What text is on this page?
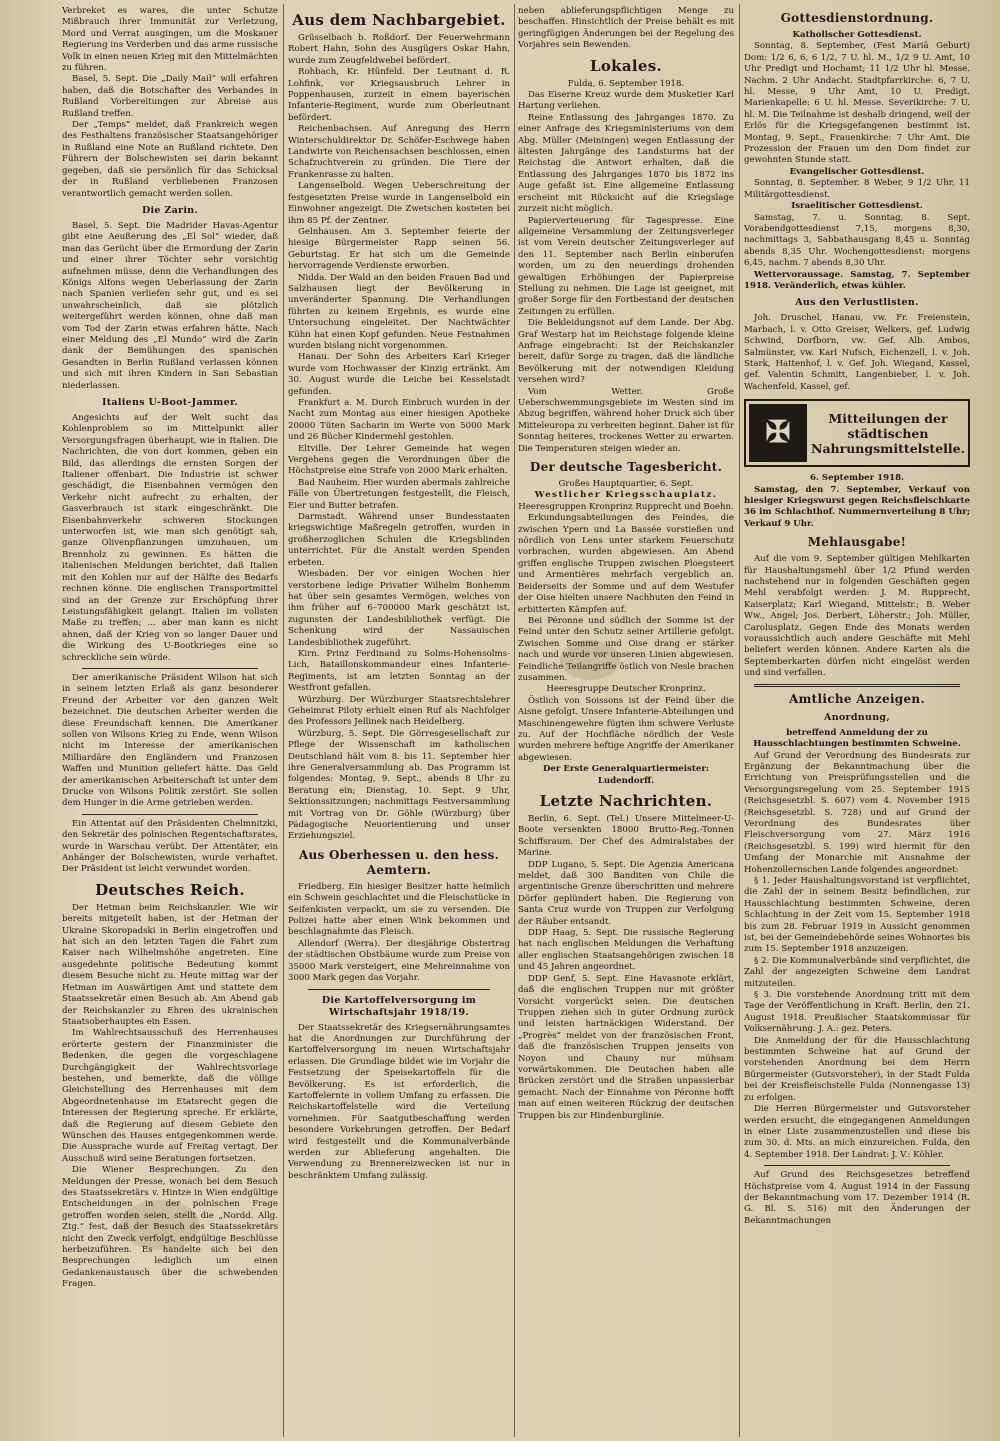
Verbreket es wares, die unter Schutze Mißbrauch ihrer Immunität zur Verletzung, Mord und Verrat ausgingen, um die Moskauer Regierung ins Verderben und das arme russische Volk in einen neuen Krieg mit den Mittelmächten zu führen.

Basel, 5. Sept. Die „Daily Mail“ will erfahren haben, daß die Botschafter des Verbandes in Rußland Vorbereitungen zur Abreise aus Rußland treffen.

Der „Temps“ meldet, daß Frankreich wegen des Festhaltens französischer Staatsangehöriger in Rußland eine Note an Rußland richtete. Den Führern der Bolschewisten sei darin bekannt gegeben, daß sie persönlich für das Schicksal der in Rußland verbliebenen Franzosen verantwortlich gemacht werden sollen.

Die Zarin.

Basel, 5. Sept. Die Madrider Havas-Agentur gibt eine Aeußerung des „El Sol“ wieder, daß man das Gerücht über die Ermordung der Zarin und einer ihrer Töchter sehr vorsichtig aufnehmen müsse, denn die Verhandlungen des Königs Alfons wegen Ueberlassung der Zarin nach Spanien verliefen sehr gut, und es sei unwahrscheinlich, daß sie plötzlich weitergeführt werden können, ohne daß man vom Tod der Zarin etwas erfahren hätte. Nach einer Meldung des „El Mundo“ wird die Zarin dank der Bemühungen des spanischen Gesandten in Berlin Rußland verlassen können und sich mit ihren Kindern in San Sebastian niederlassen.

Italiens U-Boot-Jammer.

Angesichts auf der Welt sucht das Kohlenproblem so im Mittelpunkt aller Versorgungsfragen überhaupt, wie in Italien. Die Nachrichten, die von dort kommen, geben ein Bild, das allerdings die ernsten Sorgen der Italiener offenbart. Die Industrie ist schwer geschädigt, die Eisenbahnen vermögen den Verkehr nicht aufrecht zu erhalten, der Gasverbrauch ist stark eingeschränkt. Die Eisenbahnverkehr schweren Stockungen unterworfen ist, wie man sich genötigt sah, ganze Olivenpflanzungen umzuhauen, um Brennholz zu gewinnen. Es hätten die italienischen Meldungen berichtet, daß Italien mit den Kohlen nur auf der Hälfte des Bedarfs rechnen könne. Die englischen Transportmittel sind an der Grenze zur Erschöpfung ihrer Leistungsfähigkeit gelangt. Italien im vollsten Maße zu treffen; ... aber man kann es nicht ahnen, daß der Krieg von so langer Dauer und die Wirkung des U-Bootkrieges eine so schreckliche sein würde.

Der amerikanische Präsident Wilson hat sich in seinem letzten Erlaß als ganz besonderer Freund der Arbeiter vor den ganzen Welt bezeichnet. Die deutschen Arbeiter werden die diese Freundschaft kennen. Die Amerikaner sollen von Wilsons Krieg zu Ende, wenn Wilson nicht im Interesse der amerikanischen Milliardäre den Engländern und Franzosen Waffen und Munition geliefert hätte. Das Geld der amerikanischen Arbeiterschaft ist unter dem Drucke von Wilsons Politik zerstört. Sie sollen dem Hunger in die Arme getrieben werden.

Ein Attentat auf den Präsidenten Chelmnitzki, den Sekretär des polnischen Regentschaftsrates, wurde in Warschau verübt. Der Attentäter, ein Anhänger der Bolschewisten, wurde verhaftet. Der Präsident ist leicht verwundet worden.

Deutsches Reich.

Der Hetman beim Reichskanzler. Wie wir bereits mitgeteilt haben, ist der Hetman der Ukraine Skoropadski in Berlin eingetroffen und hat sich an den letzten Tagen die Fahrt zum Kaiser nach Wilhelmshöhe angetreten. Eine ausgedehnte politische Bedeutung kommt diesem Besuche nicht zu. Heute mittag war der Hetman im Auswärtigen Amt und stattete dem Staatssekretär einen Besuch ab. Am Abend gab der Reichskanzler zu Ehren des ukrainischen Staatsoberhauptes ein Essen.

Im Wahlrechtsausschuß des Herrenhauses erörterte gestern der Finanzminister die Bedenken, die gegen die vorgeschlagene Durchgängigkeit der Wahlrechtsvorlage bestehen, und bemerkte, daß die völlige Gleichstellung des Herrenhauses mit dem Abgeordnetenhause im Etatsrecht gegen die Interessen der Regierung spreche. Er erklärte, daß die Regierung auf diesem Gebiete den Wünschen des Hauses entgegenkommen werde. Die Aussprache wurde auf Freitag vertagt. Der Ausschuß wird seine Beratungen fortsetzen.

Die Wiener Besprechungen. Zu den Meldungen der Presse, wonach bei dem Besuch des Staatssekretärs v. Hintze in Wien endgültige Entscheidungen in der polnischen Frage getroffen worden seien, stellt die „Nordd. Allg. Ztg.“ fest, daß der Besuch des Staatssekretärs nicht den Zweck verfolgt, endgültige Beschlüsse herbeizuführen. Es handelte sich bei den Besprechungen lediglich um einen Gedankenaustausch über die schwebenden Fragen.

Aus dem Nachbargebiet.

Grüsselbach b. Roßdorf. Der Feuerwehrmann Robert Hahn, Sohn des Ausgügers Oskar Hahn, wurde zum Zeugfeldwebel befördert.

Rohbach, Kr. Hünfeld. Der Leutnant d. R. Lohfink, vor Kriegsausbruch Lehrer in Poppenhausen, zurzeit in einem bayerischen Infanterie-Regiment, wurde zum Oberleutnant befördert.

Reichenbachsen. Auf Anregung des Herrn Winterschuldirektor Dr. Schöfer-Eschwege haben Landwirte von Reichensachsen beschlossen, einen Schafzuchtverein zu gründen. Die Tiere der Frankenrasse zu halten.

Langenselbold. Wegen Ueberschreitung der festgesetzten Preise wurde in Langenselbold ein Einwohner angezeigt. Die Zwetschen kosteten bei ihm 85 Pf. der Zentner.

Gelnhausen. Am 3. September feierte der hiesige Bürgermeister Rapp seinen 56. Geburtstag. Er hat sich um die Gemeinde hervorragende Verdienste erworben.

Nidda. Der Wald an den beiden Frauen Bad und Salzhausen liegt der Bevölkerung in unveränderter Spannung. Die Verhandlungen führten zu keinem Ergebnis, es wurde eine Untersuchung eingeleitet. Der Nachtwächter Kühn hat einen Kopf gefunden. Neue Festnahmen wurden bislang nicht vorgenommen.

Hanau. Der Sohn des Arbeiters Karl Krieger wurde vom Hochwasser der Kinzig ertränkt. Am 30. August wurde die Leiche bei Kesselstadt gefunden.

Frankfurt a. M. Durch Einbruch wurden in der Nacht zum Montag aus einer hiesigen Apotheke 20000 Tüten Sacharin im Werte von 5000 Mark und 26 Bücher Kindermehl gestohlen.

Eltville. Der Lehrer Gemeinde hat wegen Vergehens gegen die Verordnungen über die Höchstpreise eine Strafe von 2000 Mark erhalten.

Bad Nauheim. Hier wurden abermals zahlreiche Fälle von Übertretungen festgestellt, die Fleisch, Eier und Butter betrafen.

Darmstadt. Während unser Bundesstaaten kriegswichtige Maßregeln getroffen, wurden in großherzoglichen Schulen die Kriegsblinden unterrichtet. Für die Anstalt werden Spenden erbeten.

Wiesbaden. Der vor einigen Wochen hier verstorbene ledige Privatier Wilhelm Bonhemm hat über sein gesamtes Vermögen, welches von ihm früher auf 6–700000 Mark geschätzt ist, zugunsten der Landesbibliothek verfügt. Die Schenkung wird der Nassauischen Landesbibliothek zugeführt.

Kirn. Prinz Ferdinand zu Solms-Hohensolms-Lich, Bataillonskommandeur eines Infanterie-Regiments, ist am letzten Sonntag an der Westfront gefallen.

Würzburg. Der Würzburger Staatsrechtslehrer Geheimrat Piloty erhielt einen Ruf als Nachfolger des Professors Jellinek nach Heidelberg.

Würzburg, 5. Sept. Die Görresgesellschaft zur Pflege der Wissenschaft im katholischen Deutschland hält vom 8. bis 11. September hier ihre Generalversammlung ab. Das Programm ist folgendes: Montag, 9. Sept., abends 8 Uhr zu Beratung ein; Dienstag, 10. Sept. 9 Uhr, Sektionssitzungen; nachmittags Festversammlung mit Vortrag von Dr. Göhle (Würzburg) über Pädagogische Neuorientierung und unser Erziehungsziel.

Aus Oberhessen u. den hess. Aemtern.

Friedberg. Ein hiesiger Besitzer hatte heimlich ein Schwein geschlachtet und die Fleischstücke in Seifenkisten verpackt, um sie zu versenden. Die Polizei hatte aber einen Wink bekommen und beschlagnahmte das Fleisch.

Allendorf (Werra). Der diesjährige Obstertrag der städtischen Obstbäume wurde zum Preise von 35000 Mark versteigert, eine Mehreinnahme von 3000 Mark gegen das Vorjahr.

Die Kartoffelversorgung im Wirtschaftsjahr 1918/19.

Der Staatssekretär des Kriegsernährungsamtes hat die Anordnungen zur Durchführung der Kartoffelversorgung im neuen Wirtschaftsjahr erlassen. Die Grundlage bildet wie im Vorjahr die Festsetzung der Speisekartoffeln für die Bevölkerung. Es ist erforderlich, die Kartoffelernte in vollem Umfang zu erfassen. Die Reichskartoffelstelle wird die Verteilung vornehmen. Für Saatgutbeschaffung werden besondere Vorkehrungen getroffen. Der Bedarf wird festgestellt und die Kommunalverbände werden zur Ablieferung angehalten. Die Verwendung zu Brennereizwecken ist nur in beschränktem Umfang zulässig.

neben ablieferungspflichtigen Menge zu beschaffen. Hinsichtlich der Preise behält es mit geringfügigen Änderungen bei der Regelung des Vorjahres sein Bewenden.

Lokales.

Fulda, 6. September 1918.

Das Eiserne Kreuz wurde dem Musketier Karl Hartung verliehen.

Reine Entlassung des Jahrganges 1870. Zu einer Anfrage des Kriegsministeriums von dem Abg. Müller (Meiningen) wegen Entlassung der ältesten Jahrgänge des Landsturms hat der Reichstag die Antwort erhalten, daß die Entlassung des Jahrganges 1870 bis 1872 ins Auge gefaßt ist. Eine allgemeine Entlassung erscheint mit Rücksicht auf die Kriegslage zurzeit nicht möglich.

Papierverteuerung für Tagespresse. Eine allgemeine Versammlung der Zeitungsverleger ist vom Verein deutscher Zeitungsverleger auf den 11. September nach Berlin einberufen worden, um zu den neuerdings drohenden gewaltigen Erhöhungen der Papierpreise Stellung zu nehmen. Die Lage ist geeignet, mit großer Sorge für den Fortbestand der deutschen Zeitungen zu erfüllen.

Die Bekleidungsnot auf dem Lande. Der Abg. Graf Westarp hat im Reichstage folgende kleine Anfrage eingebracht: Ist der Reichskanzler bereit, dafür Sorge zu tragen, daß die ländliche Bevölkerung mit der notwendigen Kleidung versehen wird?

Vom Wetter. Große Ueberschwemmungsgebiete im Westen sind im Abzug begriffen, während hoher Druck sich über Mitteleuropa zu verbreiten beginnt. Daher ist für Sonntag heiteres, trockenes Wetter zu erwarten. Die Temperaturen steigen wieder an.

Der deutsche Tagesbericht.

Großes Hauptquartier, 6. Sept.

Westlicher Kriegsschauplatz.

Heeresgruppen Kronprinz Rupprecht und Boehn.

Erkundungsabteilungen des Feindes, die zwischen Ypern und La Bassée vorstießen und nördlich von Lens unter starkem Feuerschutz vorbrachen, wurden abgewiesen. Am Abend griffen englische Truppen zwischen Ploegsteert und Armentières mehrfach vergeblich an. Beiderseits der Somme und auf dem Westufer der Oise hielten unsere Nachhuten den Feind in erbitterten Kämpfen auf.

Bei Péronne und südlich der Somme ist der Feind unter den Schutz seiner Artillerie gefolgt. Zwischen Somme und Oise drang er stärker nach und wurde vor unseren Linien abgewiesen. Feindliche Teilangriffe östlich von Nesle brachen zusammen.

Heeresgruppe Deutscher Kronprinz.

Östlich von Soissons ist der Feind über die Aisne gefolgt. Unsere Infanterie-Abteilungen und Maschinengewehre fügten ihm schwere Verluste zu. Auf der Hochfläche nördlich der Vesle wurden mehrere heftige Angriffe der Amerikaner abgewiesen.

Der Erste Generalquartiermeister: Ludendorff.

Letzte Nachrichten.

Berlin, 6. Sept. (Tel.) Unsere Mittelmeer-U-Boote versenkten 18000 Brutto-Reg.-Tonnen Schiffsraum. Der Chef des Admiralstabes der Marine.

DDP Lugano, 5. Sept. Die Agenzia Americana meldet, daß 300 Banditen von Chile die argentinische Grenze überschritten und mehrere Dörfer geplündert haben. Die Regierung von Santa Cruz wurde von Truppen zur Verfolgung der Räuber entsandt.

DDP Haag, 5. Sept. Die russische Regierung hat nach englischen Meldungen die Verhaftung aller englischen Staatsangehörigen zwischen 18 und 45 Jahren angeordnet.

DDP Genf, 5. Sept. Eine Havasnote erklärt, daß die englischen Truppen nur mit größter Vorsicht vorgerückt seien. Die deutschen Truppen ziehen sich in guter Ordnung zurück und leisten hartnäckigen Widerstand. Der „Progrès“ meldet von der französischen Front, daß die französischen Truppen jenseits von Noyon und Chauny nur mühsam vorwärtskommen. Die Deutschen haben alle Brücken zerstört und die Straßen unpassierbar gemacht. Nach der Einnahme von Péronne hofft man auf einen weiteren Rückzug der deutschen Truppen bis zur Hindenburglinie.

Gottesdienstordnung.

Katholischer Gottesdienst.

Sonntag, 8. September, (Fest Mariä Geburt) Dom: 1/2 6, 6, 6 1/2, 7 U. hl. M., 1/2 9 U. Amt, 10 Uhr Predigt und Hochamt; 11 1/2 Uhr hl. Messe. Nachm. 2 Uhr Andacht. Stadtpfarrkirche: 6, 7 U. hl. Messe, 9 Uhr Amt, 10 U. Predigt. Marienkapelle: 6 U. hl. Messe. Severikirche: 7 U. hl. M. Die Teilnahme ist deshalb dringend, weil der Erlös für die Kriegsgefangenen bestimmt ist. Montag, 9. Sept., Frauenkirche: 7 Uhr Amt. Die Prozession der Frauen um den Dom findet zur gewohnten Stunde statt.

Evangelischer Gottesdienst.

Sonntag, 8. September. 8 Weber, 9 1/2 Uhr, 11 Militärgottesdienst.

Israelitischer Gottesdienst.

Samstag, 7. u. Sonntag, 8. Sept. Vorabendgottesdienst 7,15, morgens 8,30, nachmittags 3, Sabbathausgang 8,45 u. Sonntag abends 8,35 Uhr. Wochengottesdienst: morgens 6,45, nachm. 7 abends 8,30 Uhr.

Wettervoraussage. Samstag, 7. September 1918. Veränderlich, etwas kühler.

Aus den Verlustlisten.

Joh. Druschel, Hanau, vw. Fr. Freienstein, Marbach, l. v. Otto Greiser, Welkers, gef. Ludwig Schwind, Dorfborn, vw. Gef. Alb. Ambos, Salmünster, vw. Karl Nufsch, Eichenzell, l. v. Joh. Stark, Hattenhof, l. v. Gef. Joh. Wiegand, Kassel, gef. Valentin Schmitt, Langenbieber, l. v. Joh. Wachenfeld, Kassel, gef.

✠	Mitteilungen der städtischen Nahrungsmittelstelle.

6. September 1918.

Samstag, den 7. September, Verkauf von hiesiger Kriegswurst gegen Reichsfleischkarte 36 im Schlachthof. Nummernverteilung 8 Uhr; Verkauf 9 Uhr.

Mehlausgabe!

Auf die vom 9. September gültigen Mehlkarten für Haushaltungsmehl über 1/2 Pfund werden nachstehend nur in folgenden Geschäften gegen Mehl verabfolgt werden: J. M. Rupprecht, Kaiserplatz; Karl Wiegand, Mittelstr.; B. Weber Ww., Angel; Jos. Derbert, Löherstr.; Joh. Müller, Carolusplatz. Gegen Ende des Monats werden voraussichtlich auch andere Geschäfte mit Mehl beliefert werden können. Andere Karten als die Septemberkarten dürfen nicht eingelöst werden und sind verfallen.

Amtliche Anzeigen.
Anordnung,

betreffend Anmeldung der zu Hausschlachtungen bestimmten Schweine.

Auf Grund der Verordnung des Bundesrats zur Ergänzung der Bekanntmachung über die Errichtung von Preisprüfungsstellen und die Versorgungsregelung vom 25. September 1915 (Reichsgesetzbl. S. 607) vom 4. November 1915 (Reichsgesetzbl. S. 728) und auf Grund der Verordnung des Bundesrates über Fleischversorgung vom 27. März 1916 (Reichsgesetzbl. S. 199) wird hiermit für den Umfang der Monarchie mit Ausnahme der Hohenzollernschen Lande folgendes angeordnet:

§ 1. Jeder Haushaltungsvorstand ist verpflichtet, die Zahl der in seinem Besitz befindlichen, zur Hausschlachtung bestimmten Schweine, deren Schlachtung in der Zeit vom 15. September 1918 bis zum 28. Februar 1919 in Aussicht genommen ist, bei der Gemeindebehörde seines Wohnortes bis zum 15. September 1918 anzuzeigen.

§ 2. Die Kommunalverbände sind verpflichtet, die Zahl der angezeigten Schweine dem Landrat mitzuteilen.

§ 3. Die vorstehende Anordnung tritt mit dem Tage der Veröffentlichung in Kraft. Berlin, den 21. August 1918. Preußischer Staatskommissar für Volksernährung. J. A.: gez. Peters.

Die Anmeldung der für die Hausschlachtung bestimmten Schweine hat auf Grund der vorstehenden Anordnung bei dem Herrn Bürgermeister (Gutsvorsteher), in der Stadt Fulda bei der Kreisfleischstelle Fulda (Nonnengasse 13) zu erfolgen.

Die Herren Bürgermeister und Gutsvorsteher werden ersucht, die eingegangenen Anmeldungen in einer Liste zusammenzustellen und diese bis zum 30. d. Mts. an mich einzureichen. Fulda, den 4. September 1918. Der Landrat: J. V.: Köhler.

Auf Grund des Reichsgesetzes betreffend Höchstpreise vom 4. August 1914 in der Fassung der Bekanntmachung vom 17. Dezember 1914 (R. G. Bl. S. 516) mit den Änderungen der Bekanntmachungen
